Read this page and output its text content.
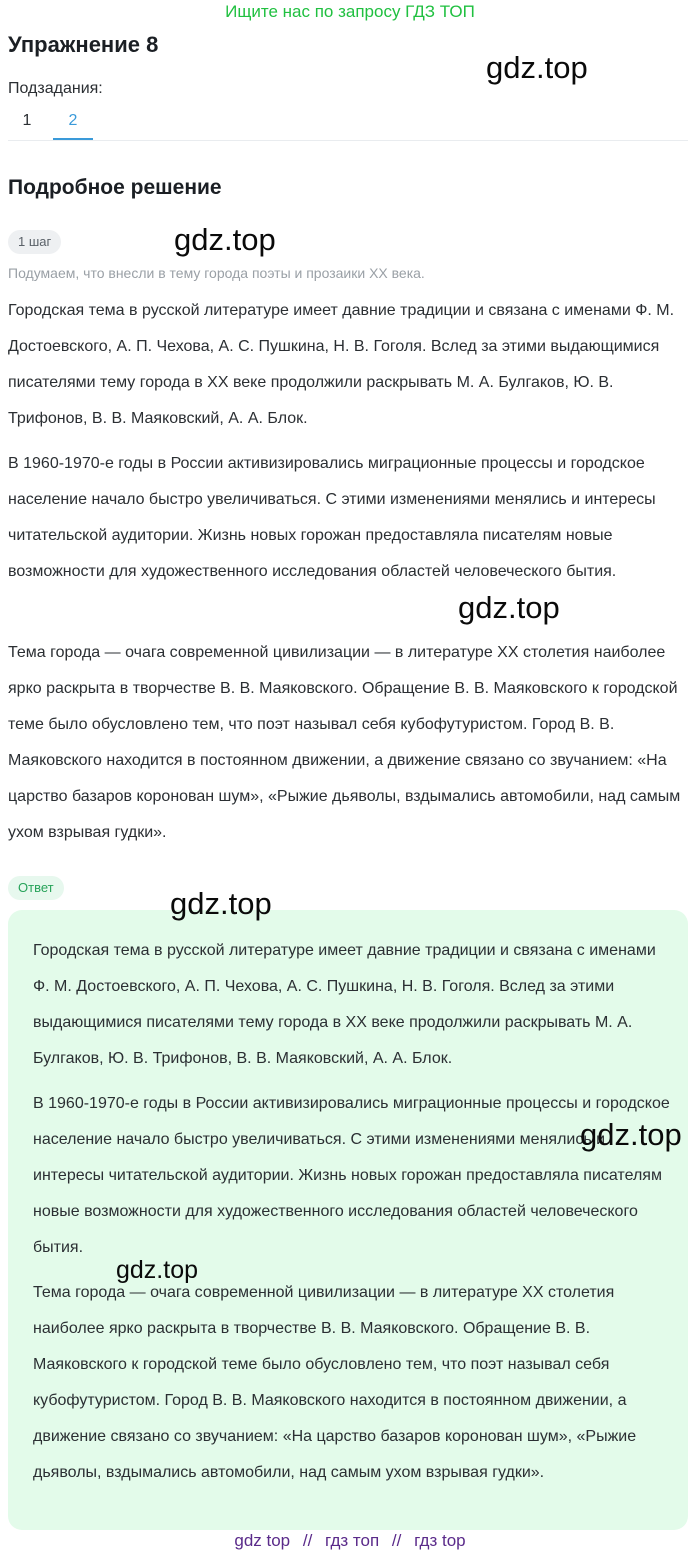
Ищите нас по запросу ГДЗ ТОП
Упражнение 8
gdz.top
Подзадания:
1	2
Подробное решение
1 шаг	gdz.top
Подумаем, что внесли в тему города поэты и прозаики XX века.

Городская тема в русской литературе имеет давние традиции и связана с именами Ф. М. Достоевского, А. П. Чехова, А. С. Пушкина, Н. В. Гоголя. Вслед за этими выдающимися писателями тему города в XX веке продолжили раскрывать М. А. Булгаков, Ю. В. Трифонов, В. В. Маяковский, А. А. Блок.

В 1960-1970-е годы в России активизировались миграционные процессы и городское население начало быстро увеличиваться. С этими изменениями менялись и интересы читательской аудитории. Жизнь новых горожан предоставляла писателям новые возможности для художественного исследования областей человеческого бытия.

gdz.top

Тема города — очага современной цивилизации — в литературе XX столетия наиболее ярко раскрыта в творчестве В. В. Маяковского. Обращение В. В. Маяковского к городской теме было обусловлено тем, что поэт называл себя кубофутуристом. Город В. В. Маяковского находится в постоянном движении, а движение связано со звучанием: «На царство базаров коронован шум», «Рыжие дьяволы, вздымались автомобили, над самым ухом взрывая гудки».

Ответ	gdz.top

Городская тема в русской литературе имеет давние традиции и связана с именами Ф. М. Достоевского, А. П. Чехова, А. С. Пушкина, Н. В. Гоголя. Вслед за этими выдающимися писателями тему города в XX веке продолжили раскрывать М. А. Булгаков, Ю. В. Трифонов, В. В. Маяковский, А. А. Блок.

В 1960-1970-е годы в России активизировались миграционные процессы и городское население начало быстро увеличиваться. С этими изменениями менялись и интересы читательской аудитории. Жизнь новых горожан предоставляла писателям новые возможности для художественного исследования областей человеческого бытия.

gdz.top
gdz.top

Тема города — очага современной цивилизации — в литературе XX столетия наиболее ярко раскрыта в творчестве В. В. Маяковского. Обращение В. В. Маяковского к городской теме было обусловлено тем, что поэт называл себя кубофутуристом. Город В. В. Маяковского находится в постоянном движении, а движение связано со звучанием: «На царство базаров коронован шум», «Рыжие дьяволы, вздымались автомобили, над самым ухом взрывая гудки».

gdz top // гдз топ // гдз top
